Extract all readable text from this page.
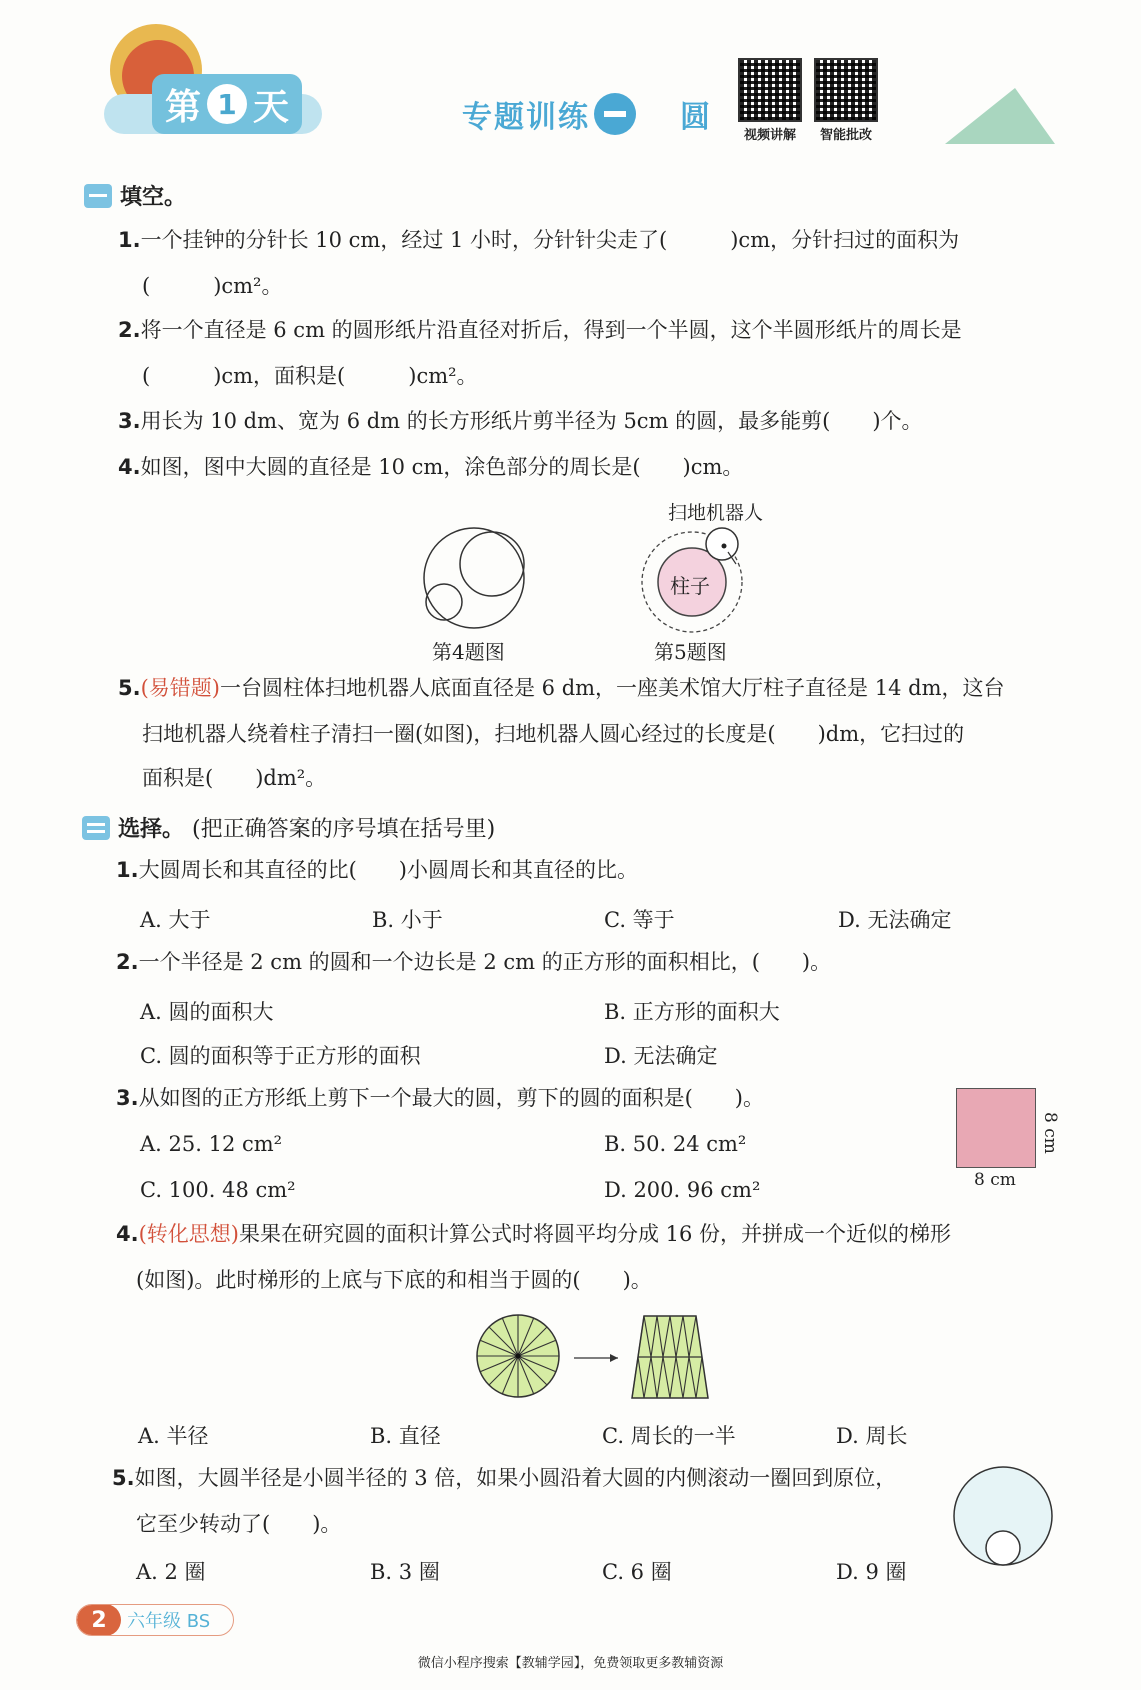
第 1 天	专题训练	圆
视频讲解 智能批改
填空。
1.一个挂钟的分针长 10 cm，经过 1 小时，分针针尖走了(　　　)cm，分针扫过的面积为
(　　　)cm²。
2.将一个直径是 6 cm 的圆形纸片沿直径对折后，得到一个半圆，这个半圆形纸片的周长是
(　　　)cm，面积是(　　　)cm²。
3.用长为 10 dm、宽为 6 dm 的长方形纸片剪半径为 5cm 的圆，最多能剪(　　)个。
4.如图，图中大圆的直径是 10 cm，涂色部分的周长是(　　)cm。
第4题图
扫地机器人
柱子
第5题图
5.(易错题)一台圆柱体扫地机器人底面直径是 6 dm，一座美术馆大厅柱子直径是 14 dm，这台
扫地机器人绕着柱子清扫一圈(如图)，扫地机器人圆心经过的长度是(　　)dm，它扫过的
面积是(　　)dm²。
选择。 (把正确答案的序号填在括号里)
1.大圆周长和其直径的比(　　)小圆周长和其直径的比。
A. 大于	B. 小于	C. 等于	D. 无法确定
2.一个半径是 2 cm 的圆和一个边长是 2 cm 的正方形的面积相比，(　　)。
A. 圆的面积大	B. 正方形的面积大
C. 圆的面积等于正方形的面积	D. 无法确定
3.从如图的正方形纸上剪下一个最大的圆，剪下的圆的面积是(　　)。
A. 25. 12 cm²	B. 50. 24 cm²
C. 100. 48 cm²	D. 200. 96 cm²
8 cm
8 cm
4.(转化思想)果果在研究圆的面积计算公式时将圆平均分成 16 份，并拼成一个近似的梯形
(如图)。此时梯形的上底与下底的和相当于圆的(　　)。
A. 半径	B. 直径	C. 周长的一半	D. 周长
5.如图，大圆半径是小圆半径的 3 倍，如果小圆沿着大圆的内侧滚动一圈回到原位，
它至少转动了(　　)。
A. 2 圈	B. 3 圈	C. 6 圈	D. 9 圈
2	六年级 BS
微信小程序搜索【教辅学园】，免费领取更多教辅资源
